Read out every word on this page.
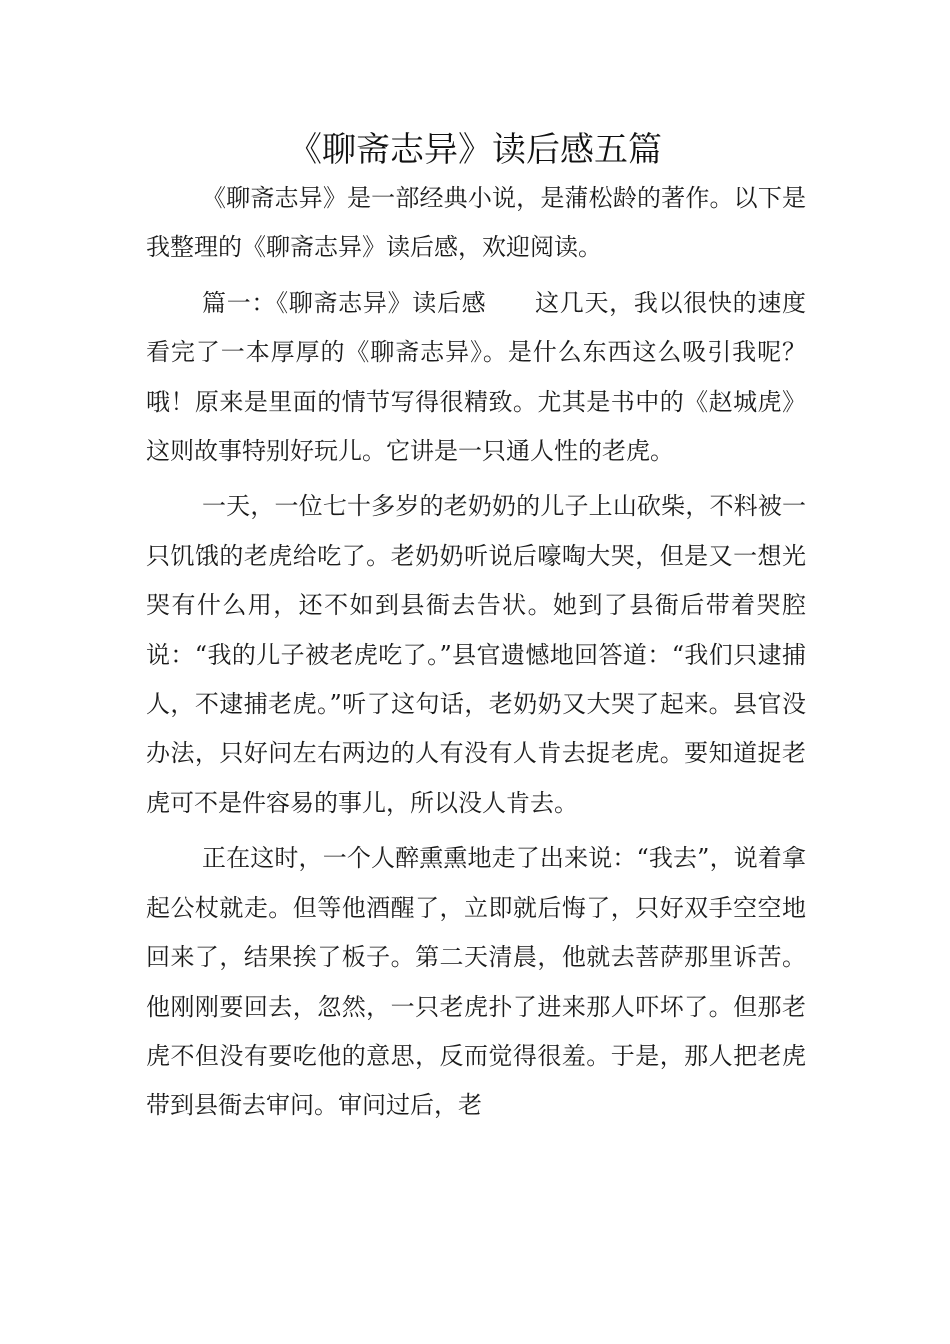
《聊斋志异》读后感五篇

《聊斋志异》是一部经典小说，是蒲松龄的著作。以下是我整理的《聊斋志异》读后感，欢迎阅读。

篇一：《聊斋志异》读后感 这几天，我以很快的速度看完了一本厚厚的《聊斋志异》。是什么东西这么吸引我呢？哦！原来是里面的情节写得很精致。尤其是书中的《赵城虎》这则故事特别好玩儿。它讲是一只通人性的老虎。

一天，一位七十多岁的老奶奶的儿子上山砍柴，不料被一只饥饿的老虎给吃了。老奶奶听说后嚎啕大哭，但是又一想光哭有什么用，还不如到县衙去告状。她到了县衙后带着哭腔说：“我的儿子被老虎吃了。”县官遗憾地回答道：“我们只逮捕人，不逮捕老虎。”听了这句话，老奶奶又大哭了起来。县官没办法，只好问左右两边的人有没有人肯去捉老虎。要知道捉老虎可不是件容易的事儿，所以没人肯去。

正在这时，一个人醉熏熏地走了出来说：“我去”，说着拿起公杖就走。但等他酒醒了，立即就后悔了，只好双手空空地回来了，结果挨了板子。第二天清晨，他就去菩萨那里诉苦。他刚刚要回去，忽然，一只老虎扑了进来那人吓坏了。但那老虎不但没有要吃他的意思，反而觉得很羞。于是，那人把老虎带到县衙去审问。审问过后，老
